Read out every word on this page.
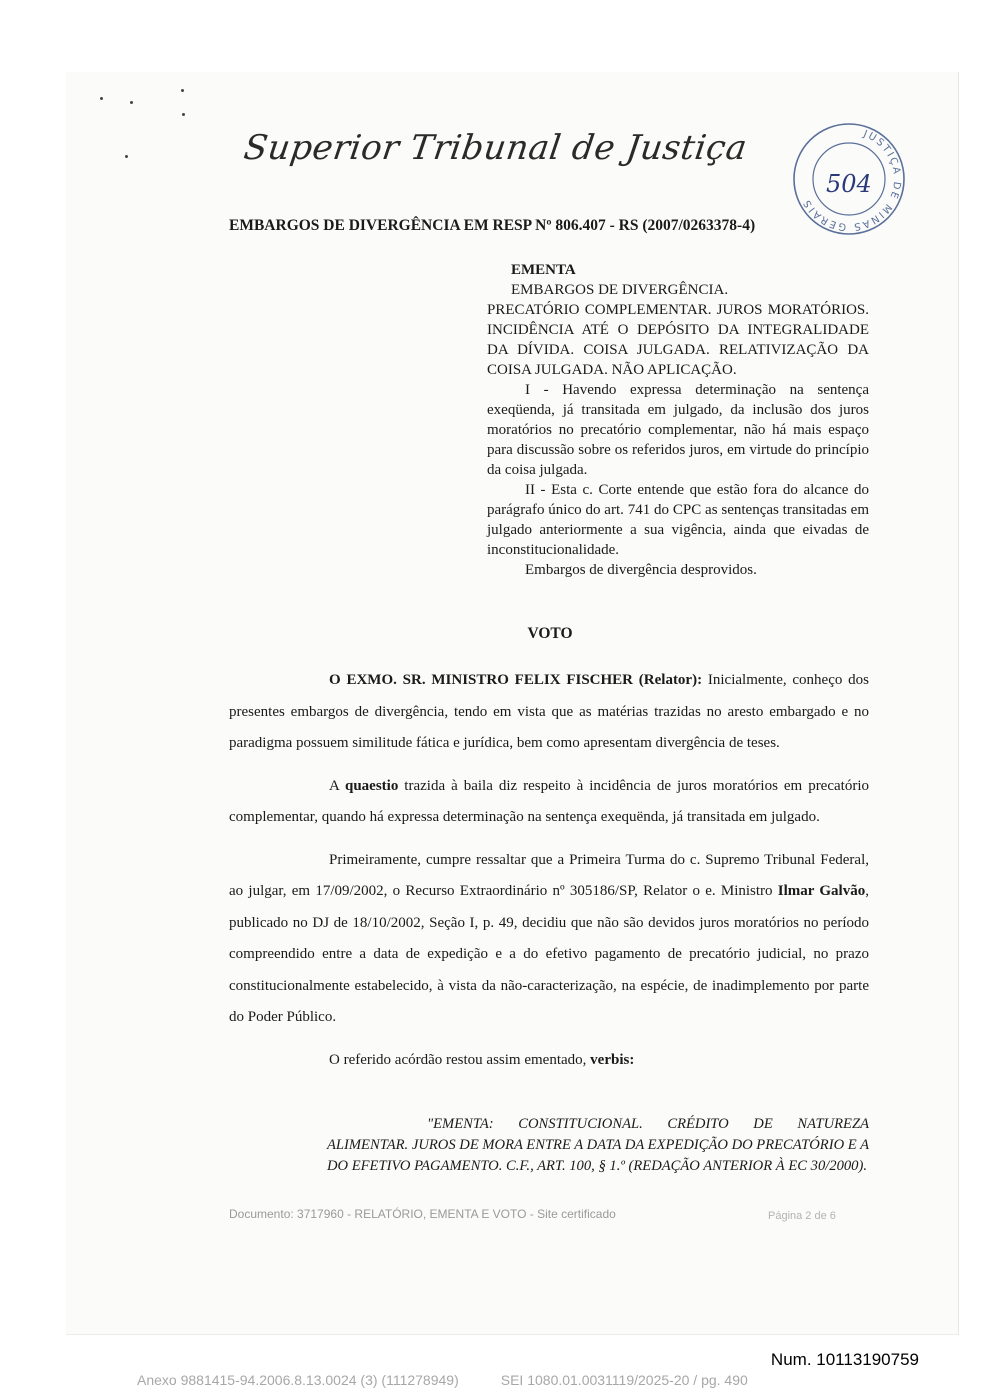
Superior Tribunal de Justiça	JUSTIÇA DE MINAS GERAIS
504
EMBARGOS DE DIVERGÊNCIA EM RESP Nº 806.407 - RS (2007/0263378-4)
EMENTA
EMBARGOS DE DIVERGÊNCIA.
PRECATÓRIO COMPLEMENTAR. JUROS MORATÓRIOS. INCIDÊNCIA ATÉ O DEPÓSITO DA INTEGRALIDADE DA DÍVIDA. COISA JULGADA. RELATIVIZAÇÃO DA COISA JULGADA. NÃO APLICAÇÃO.

I - Havendo expressa determinação na sentença exeqüenda, já transitada em julgado, da inclusão dos juros moratórios no precatório complementar, não há mais espaço para discussão sobre os referidos juros, em virtude do princípio da coisa julgada.

II - Esta c. Corte entende que estão fora do alcance do parágrafo único do art. 741 do CPC as sentenças transitadas em julgado anteriormente a sua vigência, ainda que eivadas de inconstitucionalidade.

Embargos de divergência desprovidos.

VOTO

O EXMO. SR. MINISTRO FELIX FISCHER (Relator): Inicialmente, conheço dos presentes embargos de divergência, tendo em vista que as matérias trazidas no aresto embargado e no paradigma possuem similitude fática e jurídica, bem como apresentam divergência de teses.

A quaestio trazida à baila diz respeito à incidência de juros moratórios em precatório complementar, quando há expressa determinação na sentença exequënda, já transitada em julgado.

Primeiramente, cumpre ressaltar que a Primeira Turma do c. Supremo Tribunal Federal, ao julgar, em 17/09/2002, o Recurso Extraordinário nº 305186/SP, Relator o e. Ministro Ilmar Galvão, publicado no DJ de 18/10/2002, Seção I, p. 49, decidiu que não são devidos juros moratórios no período compreendido entre a data de expedição e a do efetivo pagamento de precatório judicial, no prazo constitucionalmente estabelecido, à vista da não-caracterização, na espécie, de inadimplemento por parte do Poder Público.

O referido acórdão restou assim ementado, verbis:

"EMENTA: CONSTITUCIONAL. CRÉDITO DE NATUREZA ALIMENTAR. JUROS DE MORA ENTRE A DATA DA EXPEDIÇÃO DO PRECATÓRIO E A DO EFETIVO PAGAMENTO. C.F., ART. 100, § 1.º (REDAÇÃO ANTERIOR À EC 30/2000).
Documento: 3717960 - RELATÓRIO, EMENTA E VOTO - Site certificado	Página 2 de 6
Num. 10113190759
Anexo 9881415-94.2006.8.13.0024 (3) (111278949)	SEI 1080.01.0031119/2025-20 / pg. 490
